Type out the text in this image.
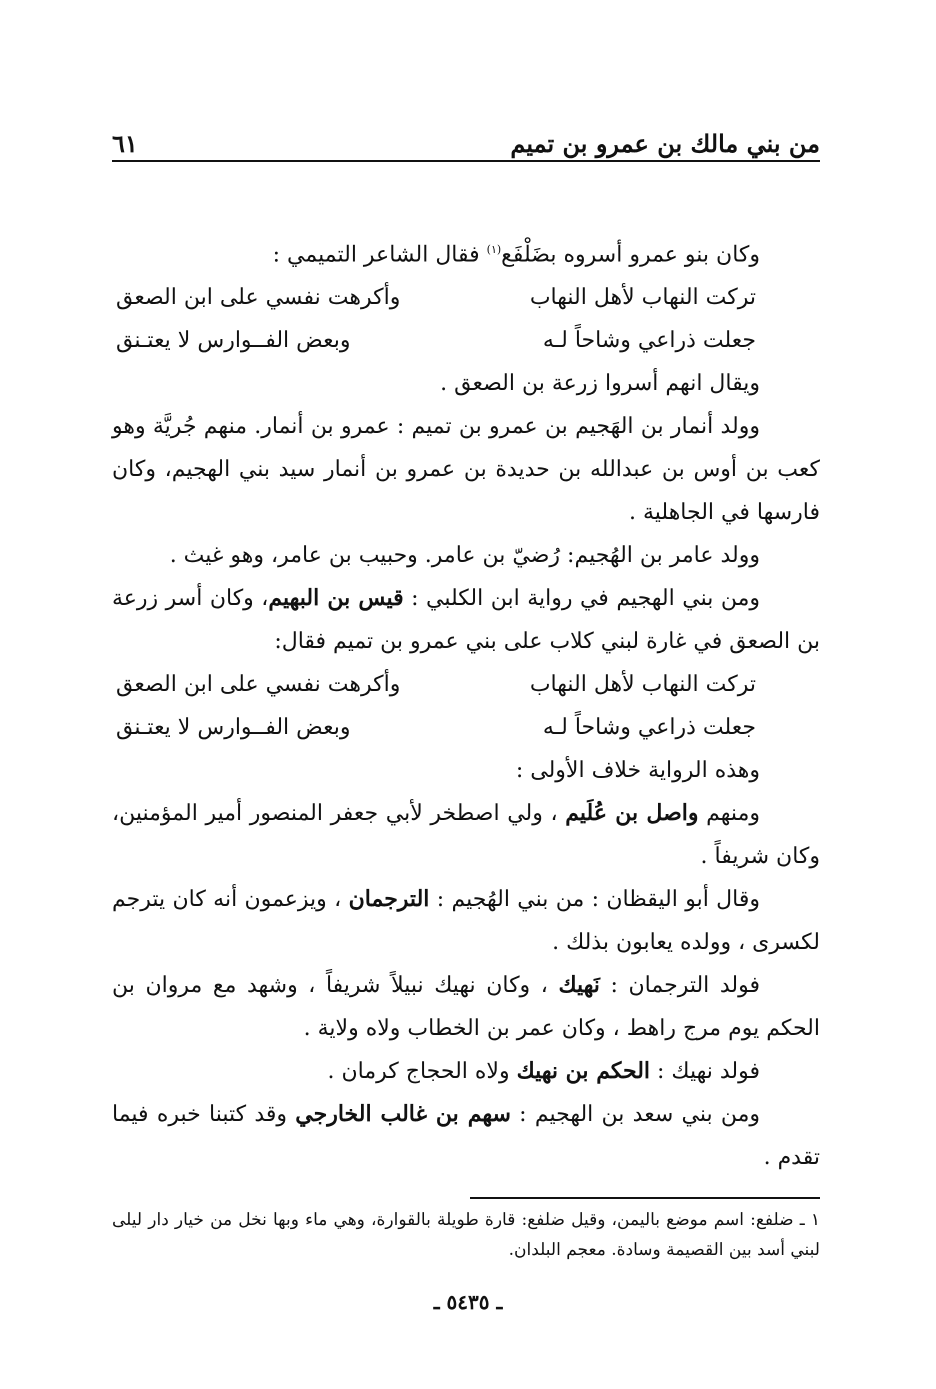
من بني مالك بن عمرو بن تميم
٦١

وكان بنو عمرو أسروه بضَلْفَع$^{(١)}$ فقال الشاعر التميمي :

تركت النهاب لأهل النهاب
وأكرهت نفسي على ابن الصعق
جعلت ذراعي وشاحاً لـه
وبعض الفــوارس لا يعتـنق

ويقال انهم أسروا زرعة بن الصعق .

وولد أنمار بن الهَجيم بن عمرو بن تميم : عمرو بن أنمار. منهم جُريَّة وهو كعب بن أوس بن عبدالله بن حديدة بن عمرو بن أنمار سيد بني الهجيم، وكان فارسها في الجاهلية .

وولد عامر بن الهُجيم: رُضيّ بن عامر. وحبيب بن عامر، وهو غيث .

ومن بني الهجيم في رواية ابن الكلبي : قيس بن البهيم، وكان أسر زرعة بن الصعق في غارة لبني كلاب على بني عمرو بن تميم فقال:

تركت النهاب لأهل النهاب
وأكرهت نفسي على ابن الصعق
جعلت ذراعي وشاحاً لـه
وبعض الفــوارس لا يعتـنق

وهذه الرواية خلاف الأولى :

ومنهم واصل بن عُلَيم ، ولي اصطخر لأبي جعفر المنصور أمير المؤمنين، وكان شريفاً .

وقال أبو اليقظان : من بني الهُجيم : الترجمان ، ويزعمون أنه كان يترجم لكسرى ، وولده يعابون بذلك .

فولد الترجمان : نَهيك ، وكان نهيك نبيلاً شريفاً ، وشهد مع مروان بن الحكم يوم مرج راهط ، وكان عمر بن الخطاب ولاه ولاية .

فولد نهيك : الحكم بن نهيك ولاه الحجاج كرمان .

ومن بني سعد بن الهجيم : سهم بن غالب الخارجي وقد كتبنا خبره فيما تقدم .

١ ـ ضلفع: اسم موضع باليمن، وقيل ضلفع: قارة طويلة بالقوارة، وهي ماء وبها نخل من خيار دار ليلى لبني أسد بين القصيمة وسادة. معجم البلدان.

ـ ٥٤٣٥ ـ
